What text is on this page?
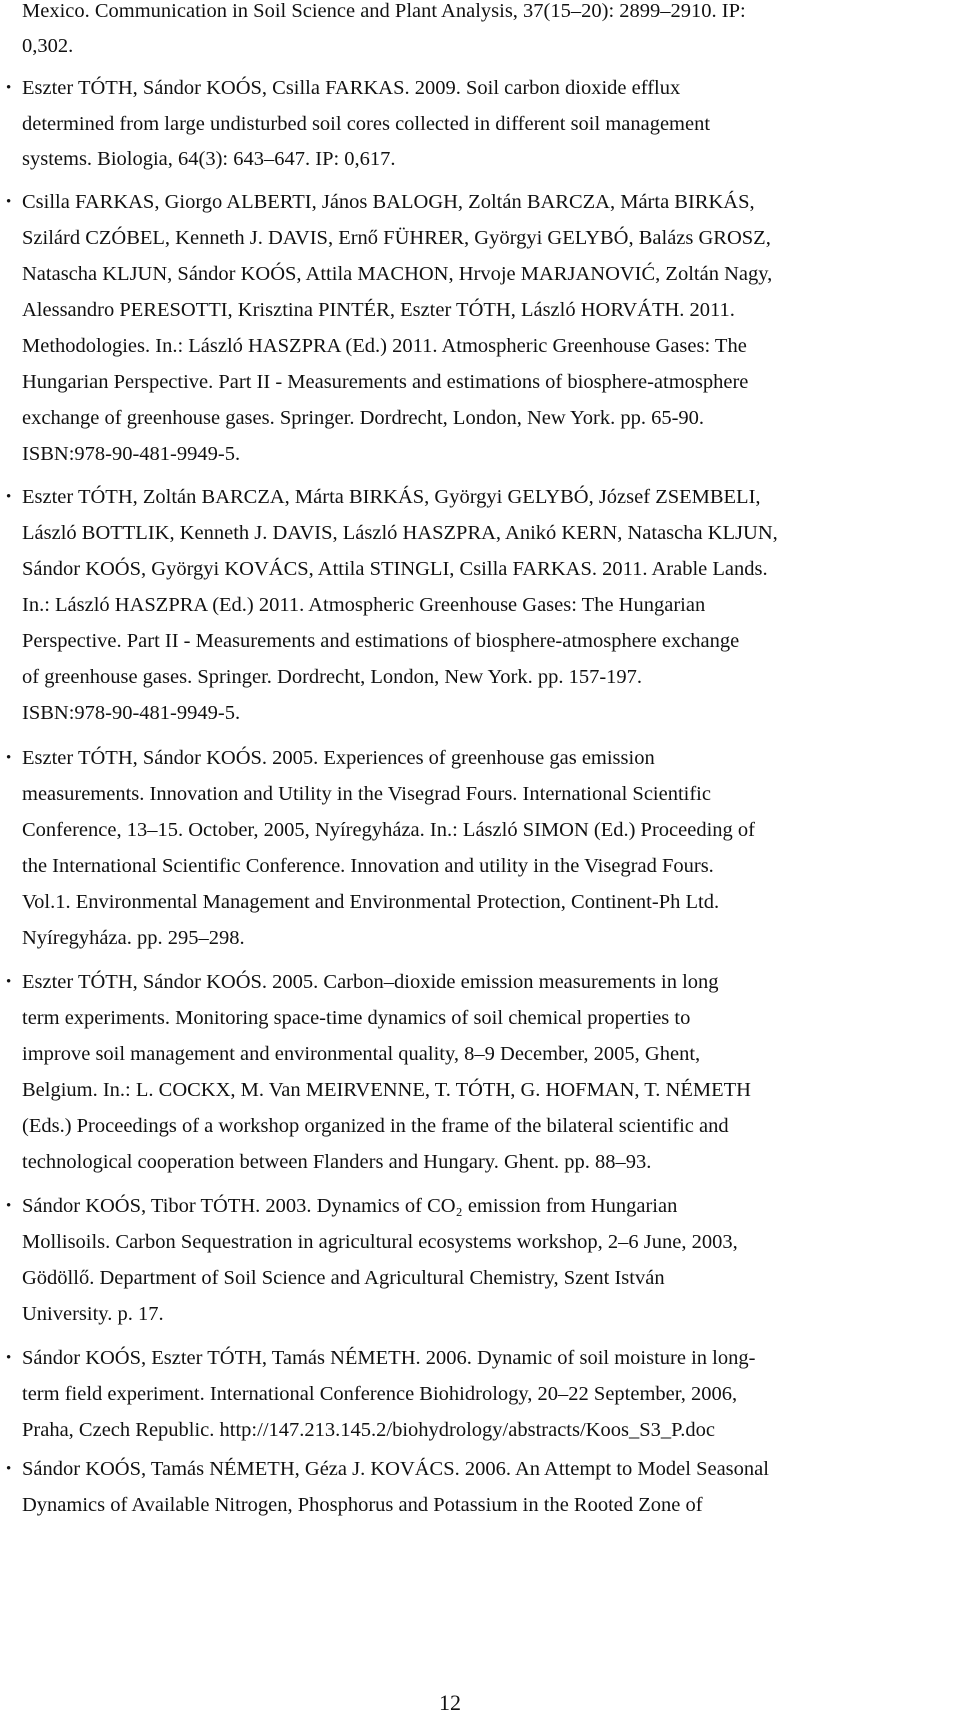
Mexico. Communication in Soil Science and Plant Analysis, 37(15–20): 2899–2910. IP:
0,302.
• Eszter TÓTH, Sándor KOÓS, Csilla FARKAS. 2009. Soil carbon dioxide efflux
determined from large undisturbed soil cores collected in different soil management
systems. Biologia, 64(3): 643–647. IP: 0,617.
• Csilla FARKAS, Giorgo ALBERTI, János BALOGH, Zoltán BARCZA, Márta BIRKÁS,
Szilárd CZÓBEL, Kenneth J. DAVIS, Ernő FÜHRER, Györgyi GELYBÓ, Balázs GROSZ,
Natascha KLJUN, Sándor KOÓS, Attila MACHON, Hrvoje MARJANOVIĆ, Zoltán Nagy,
Alessandro PERESOTTI, Krisztina PINTÉR, Eszter TÓTH, László HORVÁTH. 2011.
Methodologies. In.: László HASZPRA (Ed.) 2011. Atmospheric Greenhouse Gases: The
Hungarian Perspective. Part II - Measurements and estimations of biosphere-atmosphere
exchange of greenhouse gases. Springer. Dordrecht, London, New York. pp. 65-90.
ISBN:978-90-481-9949-5.
• Eszter TÓTH, Zoltán BARCZA, Márta BIRKÁS, Györgyi GELYBÓ, József ZSEMBELI,
László BOTTLIK, Kenneth J. DAVIS, László HASZPRA, Anikó KERN, Natascha KLJUN,
Sándor KOÓS, Györgyi KOVÁCS, Attila STINGLI, Csilla FARKAS. 2011. Arable Lands.
In.: László HASZPRA (Ed.) 2011. Atmospheric Greenhouse Gases: The Hungarian
Perspective. Part II - Measurements and estimations of biosphere-atmosphere exchange
of greenhouse gases. Springer. Dordrecht, London, New York. pp. 157-197.
ISBN:978-90-481-9949-5.
• Eszter TÓTH, Sándor KOÓS. 2005. Experiences of greenhouse gas emission
measurements. Innovation and Utility in the Visegrad Fours. International Scientific
Conference, 13–15. October, 2005, Nyíregyháza. In.: László SIMON (Ed.) Proceeding of
the International Scientific Conference. Innovation and utility in the Visegrad Fours.
Vol.1. Environmental Management and Environmental Protection, Continent-Ph Ltd.
Nyíregyháza. pp. 295–298.
• Eszter TÓTH, Sándor KOÓS. 2005. Carbon–dioxide emission measurements in long
term experiments. Monitoring space-time dynamics of soil chemical properties to
improve soil management and environmental quality, 8–9 December, 2005, Ghent,
Belgium. In.: L. COCKX, M. Van MEIRVENNE, T. TÓTH, G. HOFMAN, T. NÉMETH
(Eds.) Proceedings of a workshop organized in the frame of the bilateral scientific and
technological cooperation between Flanders and Hungary. Ghent. pp. 88–93.
• Sándor KOÓS, Tibor TÓTH. 2003. Dynamics of CO₂ emission from Hungarian
Mollisoils. Carbon Sequestration in agricultural ecosystems workshop, 2–6 June, 2003,
Gödöllő. Department of Soil Science and Agricultural Chemistry, Szent István
University. p. 17.
• Sándor KOÓS, Eszter TÓTH, Tamás NÉMETH. 2006. Dynamic of soil moisture in long-
term field experiment. International Conference Biohidrology, 20–22 September, 2006,
Praha, Czech Republic. http://147.213.145.2/biohydrology/abstracts/Koos_S3_P.doc
• Sándor KOÓS, Tamás NÉMETH, Géza J. KOVÁCS. 2006. An Attempt to Model Seasonal
Dynamics of Available Nitrogen, Phosphorus and Potassium in the Rooted Zone of
12
